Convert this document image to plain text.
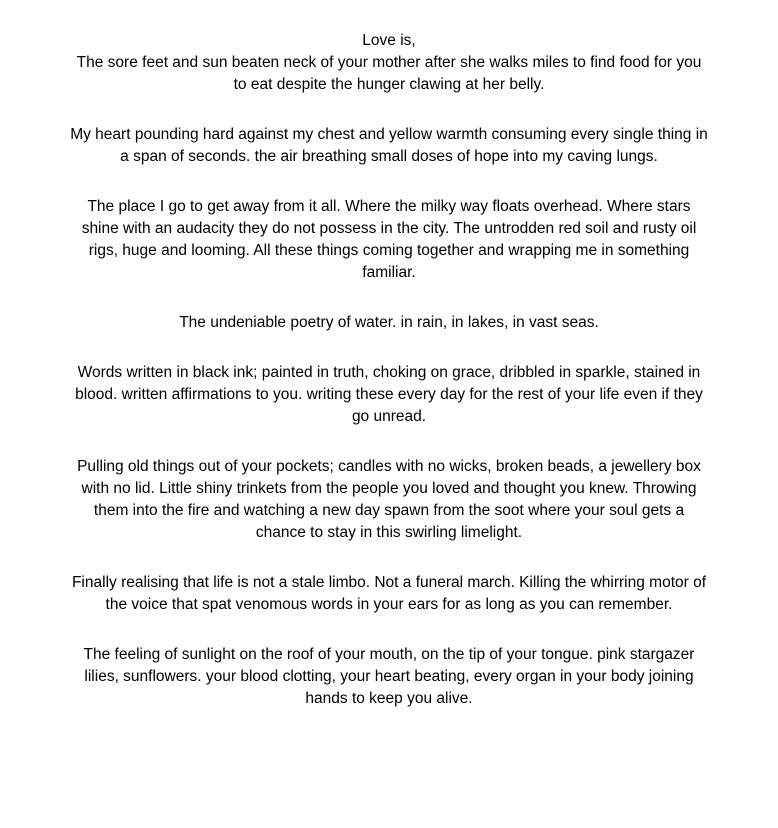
Love is,
The sore feet and sun beaten neck of your mother after she walks miles to find food for you to eat despite the hunger clawing at her belly.

My heart pounding hard against my chest and yellow warmth consuming every single thing in a span of seconds. the air breathing small doses of hope into my caving lungs.

The place I go to get away from it all. Where the milky way floats overhead. Where stars shine with an audacity they do not possess in the city. The untrodden red soil and rusty oil rigs, huge and looming. All these things coming together and wrapping me in something familiar.

The undeniable poetry of water. in rain, in lakes, in vast seas.

Words written in black ink; painted in truth, choking on grace, dribbled in sparkle, stained in blood. written affirmations to you. writing these every day for the rest of your life even if they go unread.

Pulling old things out of your pockets; candles with no wicks, broken beads, a jewellery box with no lid. Little shiny trinkets from the people you loved and thought you knew. Throwing them into the fire and watching a new day spawn from the soot where your soul gets a chance to stay in this swirling limelight.

Finally realising that life is not a stale limbo. Not a funeral march. Killing the whirring motor of the voice that spat venomous words in your ears for as long as you can remember.

The feeling of sunlight on the roof of your mouth, on the tip of your tongue. pink stargazer lilies, sunflowers. your blood clotting, your heart beating, every organ in your body joining hands to keep you alive.
